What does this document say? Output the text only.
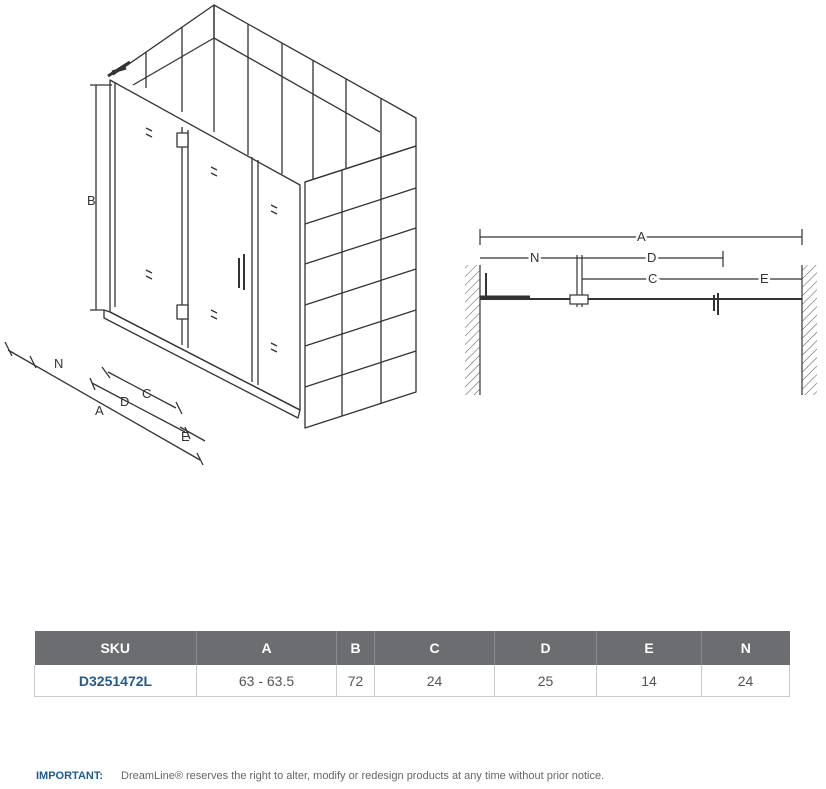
B
N
C
D
A
E
A
N	D
C	E
SKU	A	B	C	D	E	N
D3251472L	63 - 63.5	72	24	25	14	24
IMPORTANT: DreamLine® reserves the right to alter, modify or redesign products at any time without prior notice.
